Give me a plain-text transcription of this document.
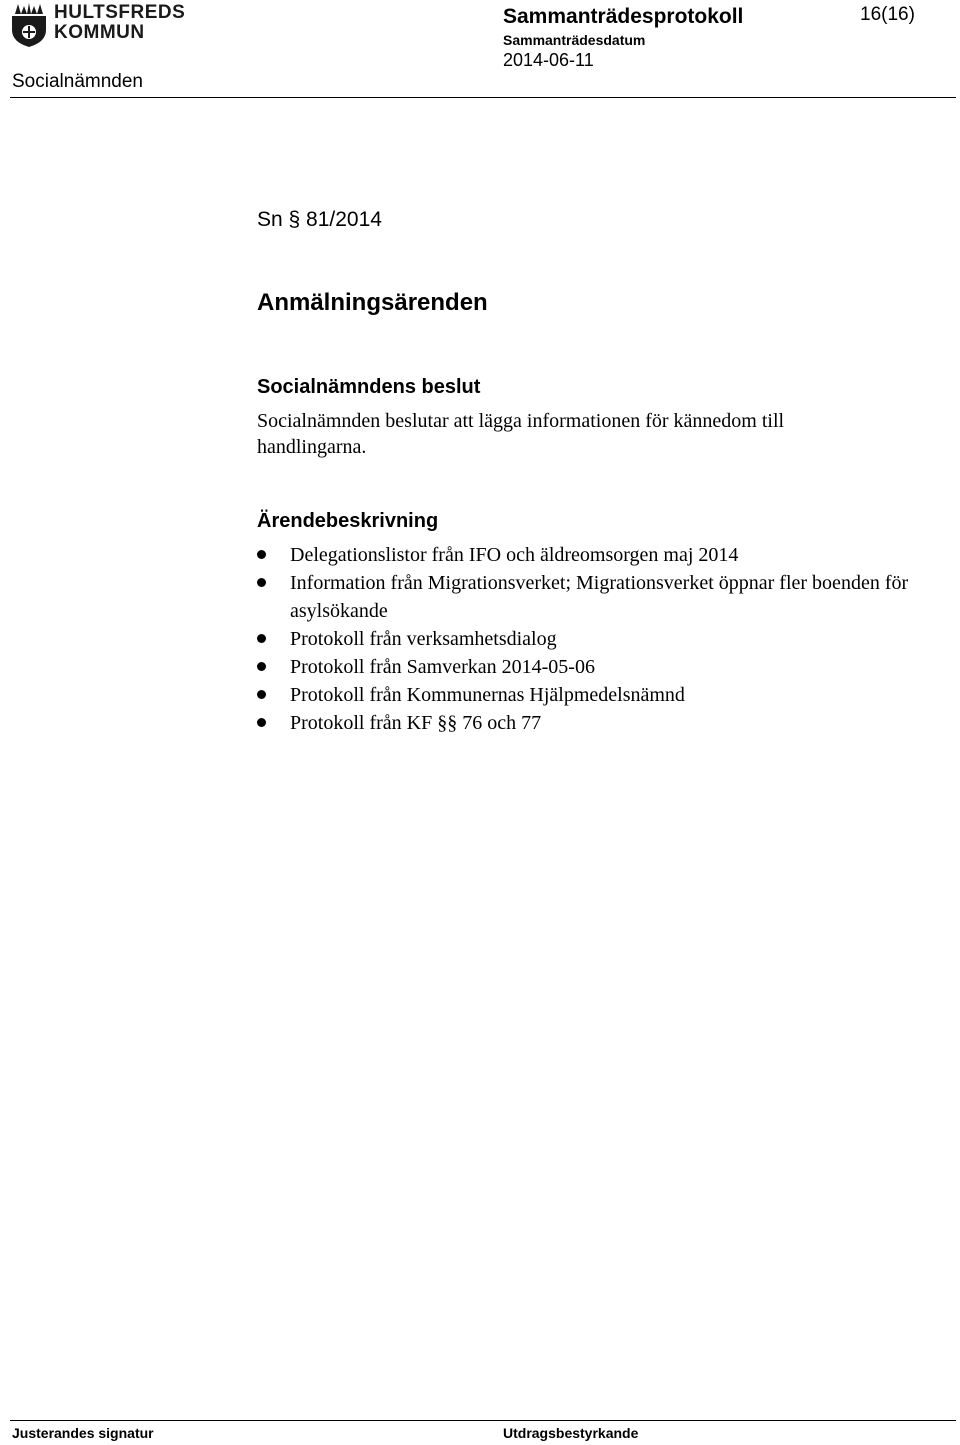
HULTSFREDS
KOMMUN
Socialnämnden
Sammanträdesprotokoll	16(16)
Sammanträdesdatum
2014-06-11
Sn § 81/2014
Anmälningsärenden
Socialnämndens beslut
Socialnämnden beslutar att lägga informationen för kännedom till handlingarna.
Ärendebeskrivning
Delegationslistor från IFO och äldreomsorgen maj 2014
Information från Migrationsverket; Migrationsverket öppnar fler boenden för asylsökande
Protokoll från verksamhetsdialog
Protokoll från Samverkan 2014-05-06
Protokoll från Kommunernas Hjälpmedelsnämnd
Protokoll från KF §§ 76 och 77
Justerandes signatur	Utdragsbestyrkande
